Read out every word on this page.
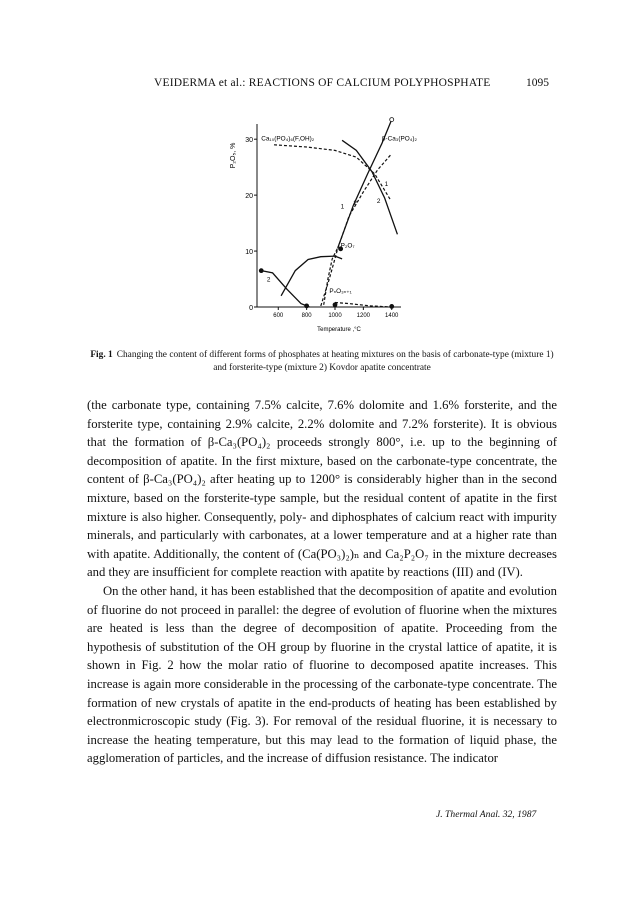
VEIDERMA et al.: REACTIONS OF CALCIUM POLYPHOSPHATE	1095
0
10
20
30
600	800	1000	1200	1400
Temperature ,°C
P₂O₅, %
Ca₁₀(PO₄)₆(F,OH)₂	β-Ca₃(PO₄)₂
P₂O₇
PₙO₃ₙ₊₁
1
2
1 2
2
Fig. 1 Changing the content of different forms of phosphates at heating mixtures on the basis of carbonate-type (mixture 1) and forsterite-type (mixture 2) Kovdor apatite concentrate

(the carbonate type, containing 7.5% calcite, 7.6% dolomite and 1.6% forsterite, and the forsterite type, containing 2.9% calcite, 2.2% dolomite and 7.2% forsterite). It is obvious that the formation of β-Ca₃(PO₄)₂ proceeds strongly 800°, i.e. up to the beginning of decomposition of apatite. In the first mixture, based on the carbonate-type concentrate, the content of β-Ca₃(PO₄)₂ after heating up to 1200° is considerably higher than in the second mixture, based on the forsterite-type sample, but the residual content of apatite in the first mixture is also higher. Consequently, poly- and diphosphates of calcium react with impurity minerals, and particularly with carbonates, at a lower temperature and at a higher rate than with apatite. Additionally, the content of (Ca(PO₃)₂)ₙ and Ca₂P₂O₇ in the mixture decreases and they are insufficient for complete reaction with apatite by reactions (III) and (IV).

On the other hand, it has been established that the decomposition of apatite and evolution of fluorine do not proceed in parallel: the degree of evolution of fluorine when the mixtures are heated is less than the degree of decomposition of apatite. Proceeding from the hypothesis of substitution of the OH group by fluorine in the crystal lattice of apatite, it is shown in Fig. 2 how the molar ratio of fluorine to decomposed apatite increases. This increase is again more considerable in the processing of the carbonate-type concentrate. The formation of new crystals of apatite in the end-products of heating has been established by electronmicroscopic study (Fig. 3). For removal of the residual fluorine, it is necessary to increase the heating temperature, but this may lead to the formation of liquid phase, the agglomeration of particles, and the increase of diffusion resistance. The indicator

J. Thermal Anal. 32, 1987
